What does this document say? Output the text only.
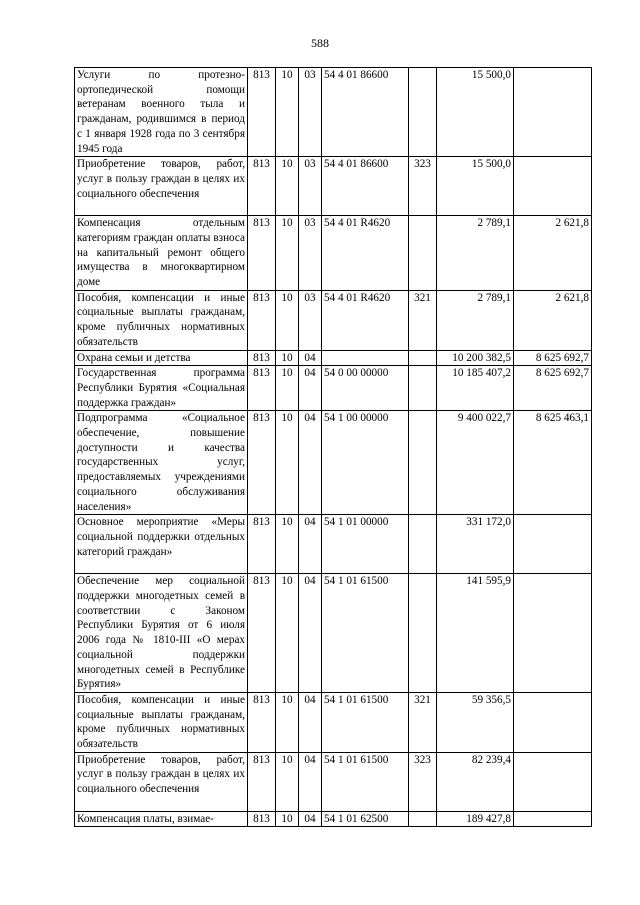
588
Услуги по протезно-ортопедической помощи ветеранам военного тыла и гражданам, родившимся в период с 1 января 1928 года по 3 сентября 1945 года	813	10	03	54 4 01 86600		15 500,0	
Приобретение товаров, работ, услуг в пользу граждан в целях их социального обеспечения	813	10	03	54 4 01 86600	323	15 500,0	
Компенсация отдельным категориям граждан оплаты взноса на капитальный ремонт общего имущества в многоквартирном доме	813	10	03	54 4 01 R4620		2 789,1	2 621,8
Пособия, компенсации и иные социальные выплаты гражданам, кроме публичных нормативных обязательств	813	10	03	54 4 01 R4620	321	2 789,1	2 621,8
Охрана семьи и детства	813	10	04			10 200 382,5	8 625 692,7
Государственная программа Республики Бурятия «Социальная поддержка граждан»	813	10	04	54 0 00 00000		10 185 407,2	8 625 692,7
Подпрограмма «Социальное обеспечение, повышение доступности и качества государственных услуг, предоставляемых учреждениями социального обслуживания населения»	813	10	04	54 1 00 00000		9 400 022,7	8 625 463,1
Основное мероприятие «Меры социальной поддержки отдельных категорий граждан»	813	10	04	54 1 01 00000		331 172,0	
Обеспечение мер социальной поддержки многодетных семей в соответствии с Законом Республики Бурятия от 6 июля 2006 года № 1810-III «О мерах социальной поддержки многодетных семей в Республике Бурятия»	813	10	04	54 1 01 61500		141 595,9	
Пособия, компенсации и иные социальные выплаты гражданам, кроме публичных нормативных обязательств	813	10	04	54 1 01 61500	321	59 356,5	
Приобретение товаров, работ, услуг в пользу граждан в целях их социального обеспечения	813	10	04	54 1 01 61500	323	82 239,4	
Компенсация платы, взимае-	813	10	04	54 1 01 62500		189 427,8	
